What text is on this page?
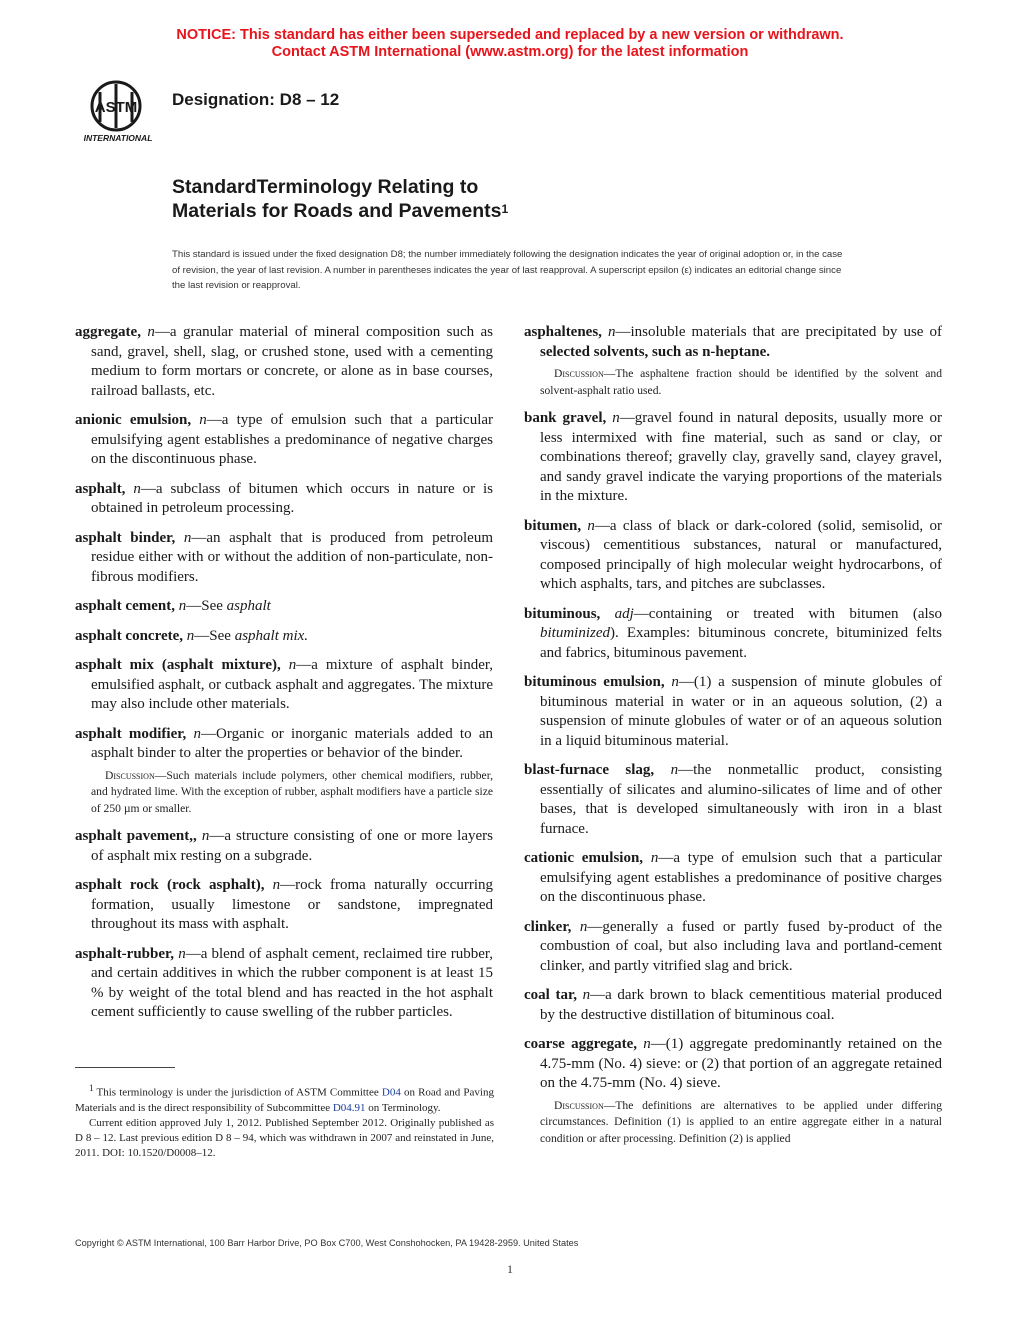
NOTICE: This standard has either been superseded and replaced by a new version or withdrawn.
Contact ASTM International (www.astm.org) for the latest information
ASTM
INTERNATIONAL
Designation: D8 – 12
StandardTerminology Relating to
Materials for Roads and Pavements$^1$
This standard is issued under the fixed designation D8; the number immediately following the designation indicates the year of original adoption or, in the case of revision, the year of last revision. A number in parentheses indicates the year of last reapproval. A superscript epsilon (ε) indicates an editorial change since the last revision or reapproval.

aggregate, n—a granular material of mineral composition such as sand, gravel, shell, slag, or crushed stone, used with a cementing medium to form mortars or concrete, or alone as in base courses, railroad ballasts, etc.

anionic emulsion, n—a type of emulsion such that a particular emulsifying agent establishes a predominance of negative charges on the discontinuous phase.

asphalt, n—a subclass of bitumen which occurs in nature or is obtained in petroleum processing.

asphalt binder, n—an asphalt that is produced from petroleum residue either with or without the addition of non-particulate, non-fibrous modifiers.

asphalt cement, n—See asphalt

asphalt concrete, n—See asphalt mix.

asphalt mix (asphalt mixture), n—a mixture of asphalt binder, emulsified asphalt, or cutback asphalt and aggregates. The mixture may also include other materials.

asphalt modifier, n—Organic or inorganic materials added to an asphalt binder to alter the properties or behavior of the binder.

Discussion—Such materials include polymers, other chemical modifiers, rubber, and hydrated lime. With the exception of rubber, asphalt modifiers have a particle size of 250 µm or smaller.

asphalt pavement,, n—a structure consisting of one or more layers of asphalt mix resting on a subgrade.

asphalt rock (rock asphalt), n—rock froma naturally occurring formation, usually limestone or sandstone, impregnated throughout its mass with asphalt.

asphalt-rubber, n—a blend of asphalt cement, reclaimed tire rubber, and certain additives in which the rubber component is at least 15 % by weight of the total blend and has reacted in the hot asphalt cement sufficiently to cause swelling of the rubber particles.

asphaltenes, n—insoluble materials that are precipitated by use of selected solvents, such as n-heptane.

Discussion—The asphaltene fraction should be identified by the solvent and solvent-asphalt ratio used.

bank gravel, n—gravel found in natural deposits, usually more or less intermixed with fine material, such as sand or clay, or combinations thereof; gravelly clay, gravelly sand, clayey gravel, and sandy gravel indicate the varying proportions of the materials in the mixture.

bitumen, n—a class of black or dark-colored (solid, semisolid, or viscous) cementitious substances, natural or manufactured, composed principally of high molecular weight hydrocarbons, of which asphalts, tars, and pitches are subclasses.

bituminous, adj—containing or treated with bitumen (also bituminized). Examples: bituminous concrete, bituminized felts and fabrics, bituminous pavement.

bituminous emulsion, n—(1) a suspension of minute globules of bituminous material in water or in an aqueous solution, (2) a suspension of minute globules of water or of an aqueous solution in a liquid bituminous material.

blast-furnace slag, n—the nonmetallic product, consisting essentially of silicates and alumino-silicates of lime and of other bases, that is developed simultaneously with iron in a blast furnace.

cationic emulsion, n—a type of emulsion such that a particular emulsifying agent establishes a predominance of positive charges on the discontinuous phase.

clinker, n—generally a fused or partly fused by-product of the combustion of coal, but also including lava and portland-cement clinker, and partly vitrified slag and brick.

coal tar, n—a dark brown to black cementitious material produced by the destructive distillation of bituminous coal.

coarse aggregate, n—(1) aggregate predominantly retained on the 4.75-mm (No. 4) sieve: or (2) that portion of an aggregate retained on the 4.75-mm (No. 4) sieve.

Discussion—The definitions are alternatives to be applied under differing circumstances. Definition (1) is applied to an entire aggregate either in a natural condition or after processing. Definition (2) is applied

$^1$ This terminology is under the jurisdiction of ASTM Committee D04 on Road and Paving Materials and is the direct responsibility of Subcommittee D04.91 on Terminology.

Current edition approved July 1, 2012. Published September 2012. Originally published as D 8 – 12. Last previous edition D 8 – 94, which was withdrawn in 2007 and reinstated in June, 2011. DOI: 10.1520/D0008–12.

Copyright © ASTM International, 100 Barr Harbor Drive, PO Box C700, West Conshohocken, PA 19428-2959. United States
1
